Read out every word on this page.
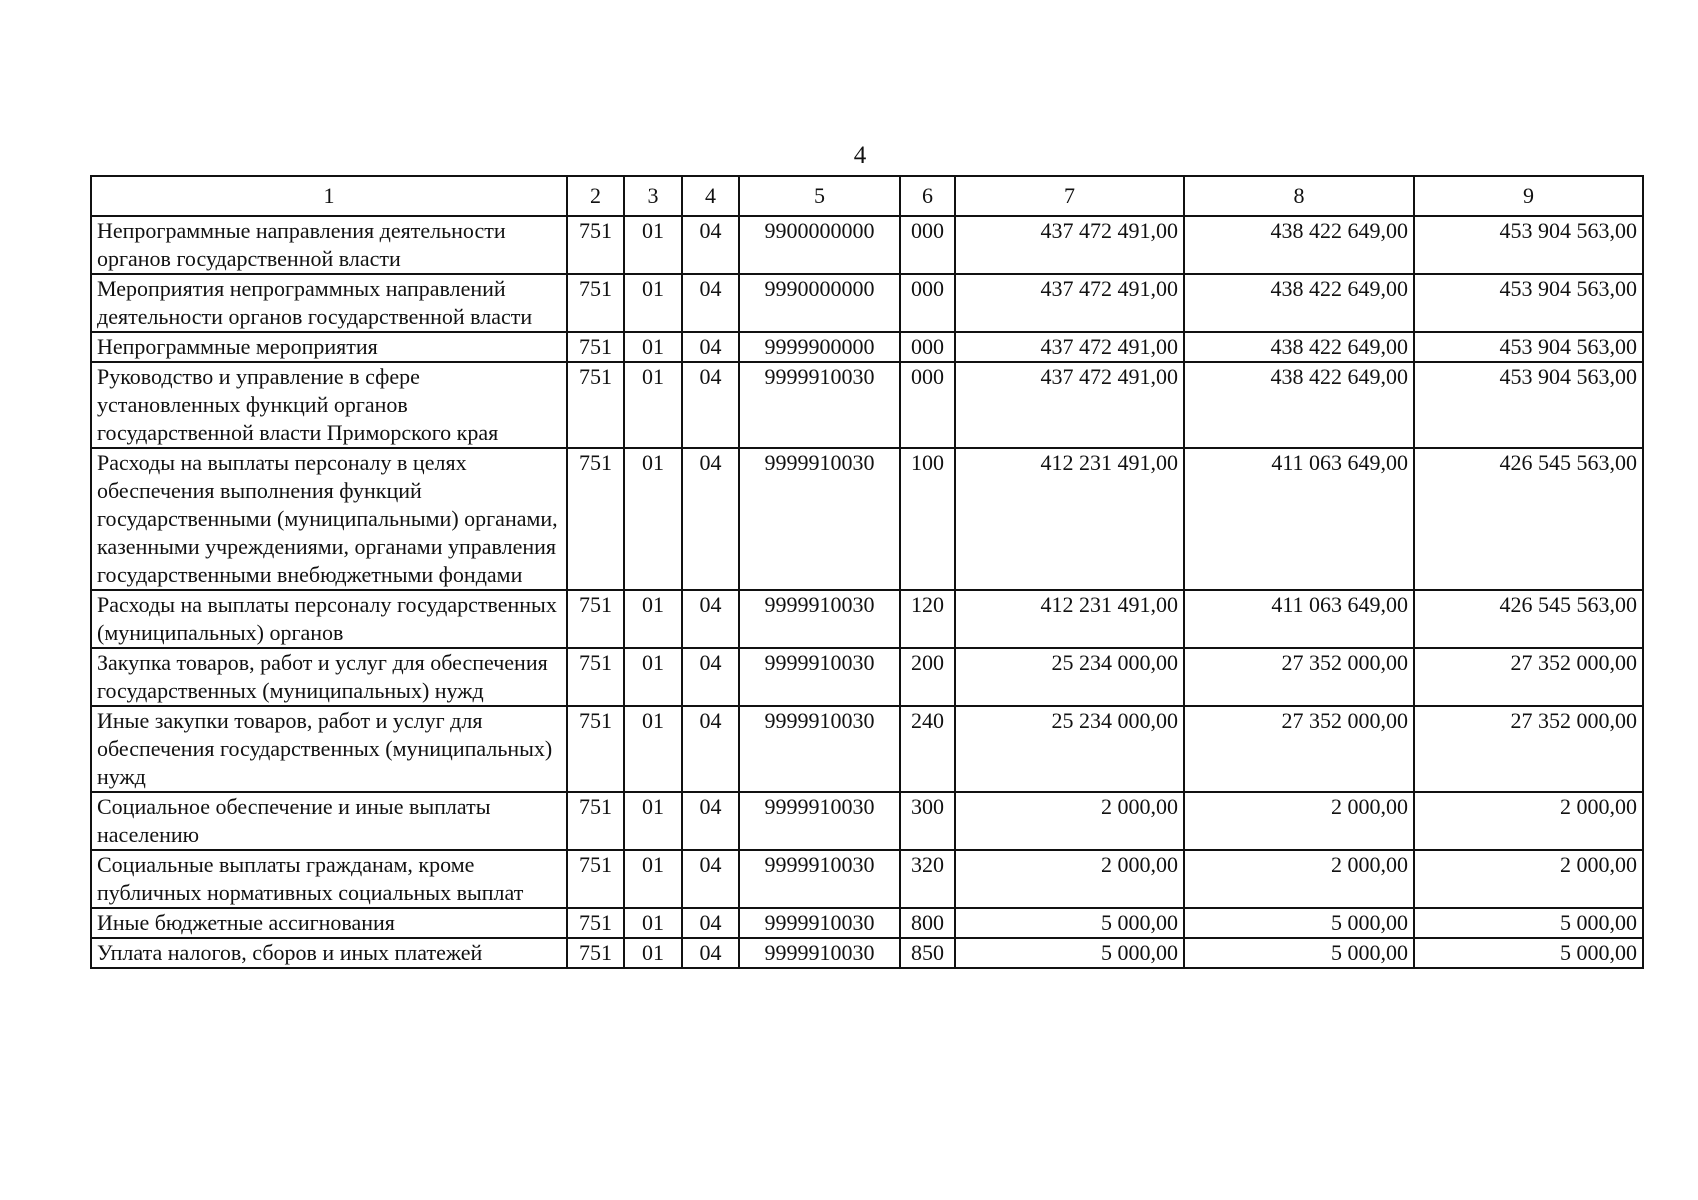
4
1	2	3	4	5	6	7	8	9
Непрограммные направления деятельности органов государственной власти	751	01	04	9900000000	000	437 472 491,00	438 422 649,00	453 904 563,00
Мероприятия непрограммных направлений деятельности органов государственной власти	751	01	04	9990000000	000	437 472 491,00	438 422 649,00	453 904 563,00
Непрограммные мероприятия	751	01	04	9999900000	000	437 472 491,00	438 422 649,00	453 904 563,00
Руководство и управление в сфере установленных функций органов государственной власти Приморского края	751	01	04	9999910030	000	437 472 491,00	438 422 649,00	453 904 563,00
Расходы на выплаты персоналу в целях обеспечения выполнения функций государственными (муниципальными) органами, казенными учреждениями, органами управления государственными внебюджетными фондами	751	01	04	9999910030	100	412 231 491,00	411 063 649,00	426 545 563,00
Расходы на выплаты персоналу государственных (муниципальных) органов	751	01	04	9999910030	120	412 231 491,00	411 063 649,00	426 545 563,00
Закупка товаров, работ и услуг для обеспечения государственных (муниципальных) нужд	751	01	04	9999910030	200	25 234 000,00	27 352 000,00	27 352 000,00
Иные закупки товаров, работ и услуг для обеспечения государственных (муниципальных) нужд	751	01	04	9999910030	240	25 234 000,00	27 352 000,00	27 352 000,00
Социальное обеспечение и иные выплаты населению	751	01	04	9999910030	300	2 000,00	2 000,00	2 000,00
Социальные выплаты гражданам, кроме публичных нормативных социальных выплат	751	01	04	9999910030	320	2 000,00	2 000,00	2 000,00
Иные бюджетные ассигнования	751	01	04	9999910030	800	5 000,00	5 000,00	5 000,00
Уплата налогов, сборов и иных платежей	751	01	04	9999910030	850	5 000,00	5 000,00	5 000,00
